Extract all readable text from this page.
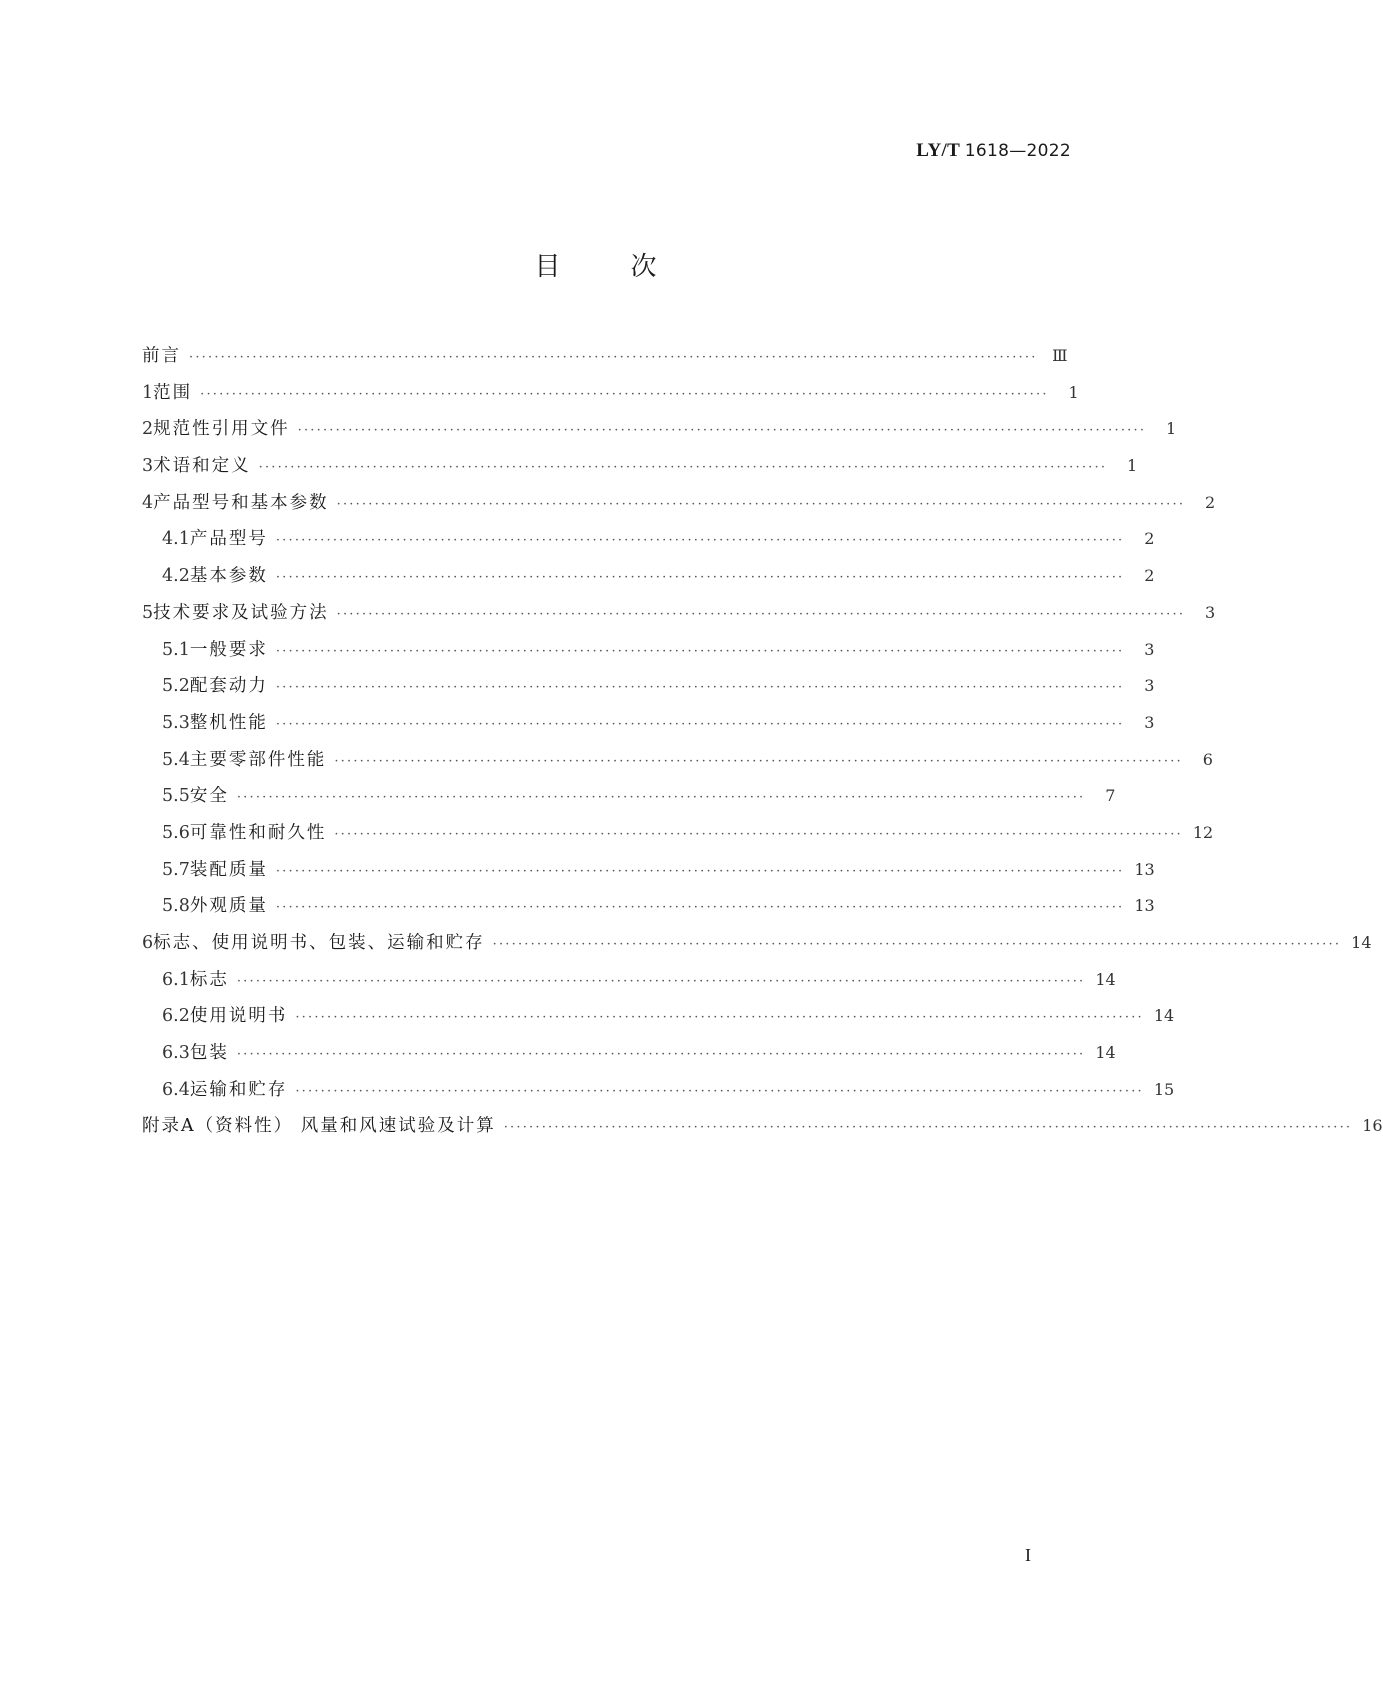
LY/T 1618—2022
目次
前言 ······································································································································ Ⅲ
1 范围 ······································································································································	1
2 规范性引用文件 ······································································································································	1
3 术语和定义 ······································································································································	1
4 产品型号和基本参数 ······································································································································	2
4.1 产品型号 ······································································································································	2
4.2 基本参数 ······································································································································	2
5 技术要求及试验方法 ······································································································································	3
5.1 一般要求 ······································································································································	3
5.2 配套动力 ······································································································································	3
5.3 整机性能 ······································································································································	3
5.4 主要零部件性能 ······································································································································	6
5.5 安全 ······································································································································	7
5.6 可靠性和耐久性 ······································································································································ 12
5.7 装配质量 ······································································································································ 13
5.8 外观质量 ······································································································································ 13
6 标志、使用说明书、包装、运输和贮存 ······································································································································ 14
6.1 标志 ······································································································································ 14
6.2 使用说明书 ······································································································································ 14
6.3 包装 ······································································································································ 14
6.4 运输和贮存 ······································································································································ 15
附录A（资料性） 风量和风速试验及计算 ······································································································································ 16
I
